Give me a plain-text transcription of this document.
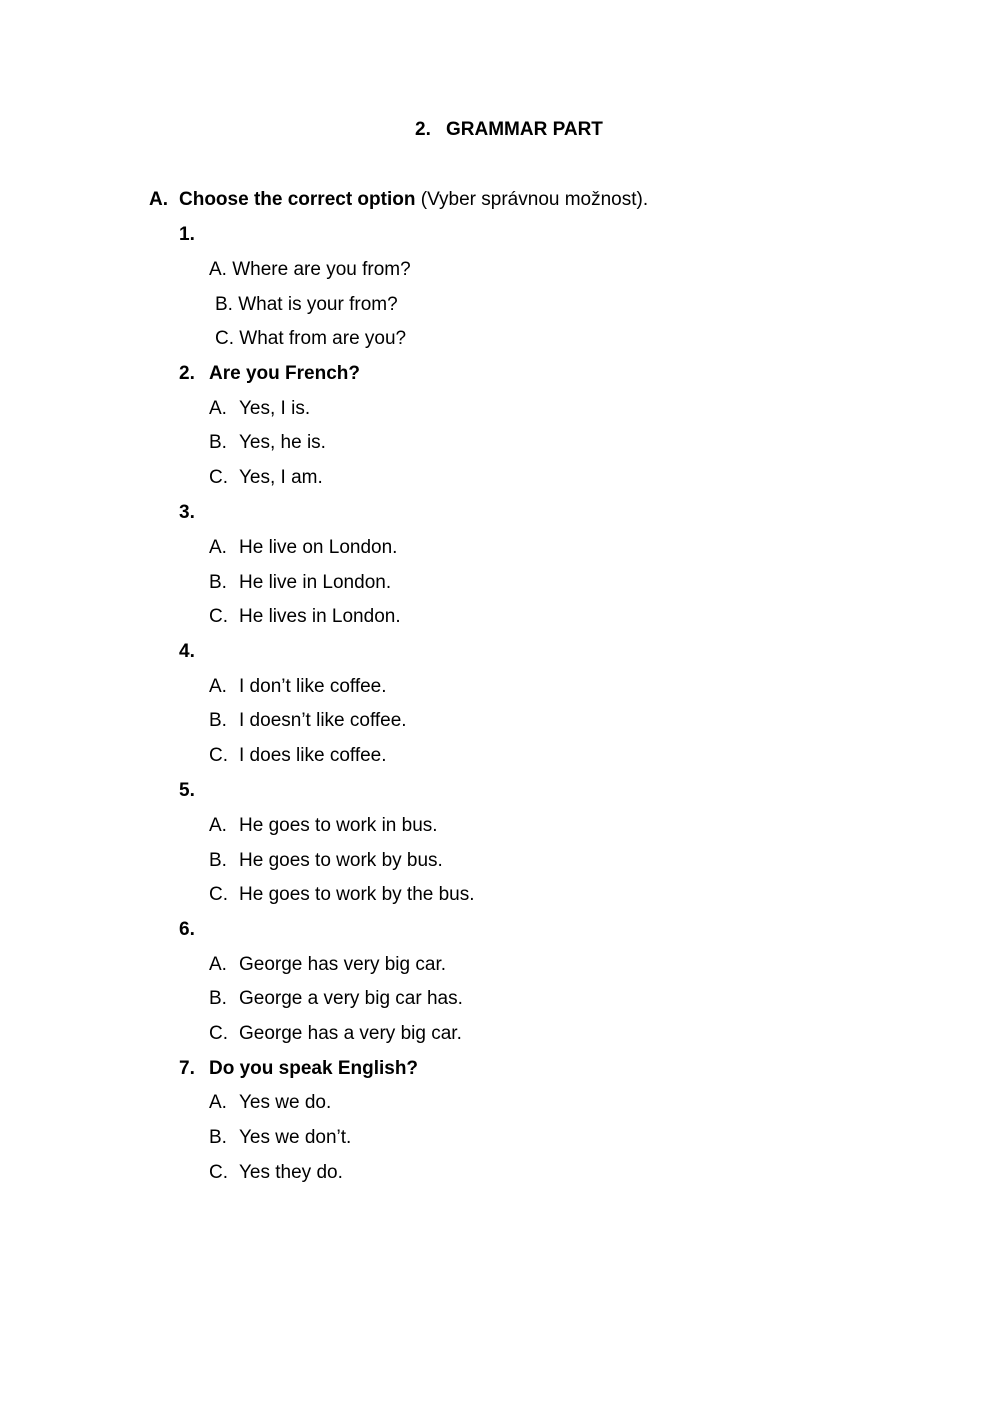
2. GRAMMAR PART

A. Choose the correct option (Vyber správnou možnost).
1.
A. Where are you from?
B. What is your from?
C. What from are you?
2. Are you French?
A. Yes, I is.
B. Yes, he is.
C. Yes, I am.
3.
A. He live on London.
B. He live in London.
C. He lives in London.
4.
A. I don’t like coffee.
B. I doesn’t like coffee.
C. I does like coffee.
5.
A. He goes to work in bus.
B. He goes to work by bus.
C. He goes to work by the bus.
6.
A. George has very big car.
B. George a very big car has.
C. George has a very big car.
7. Do you speak English?
A. Yes we do.
B. Yes we don’t.
C. Yes they do.
